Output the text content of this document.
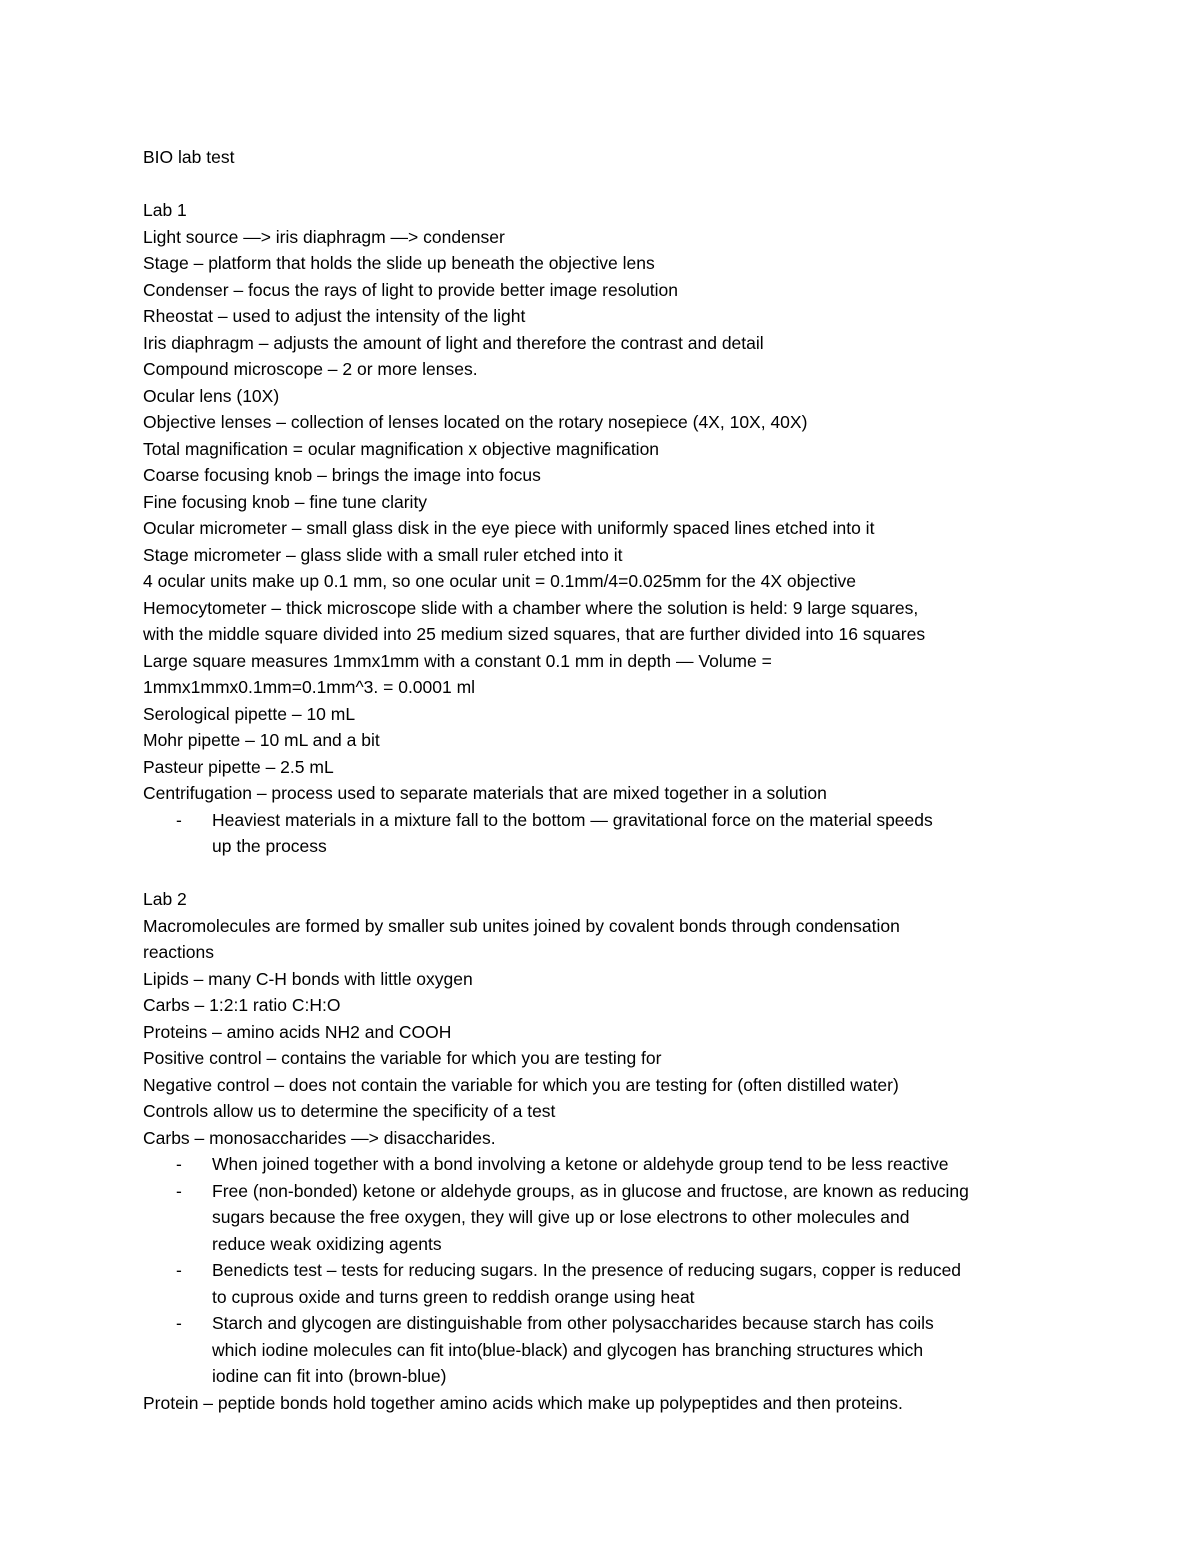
BIO lab test
Lab 1
Light source —> iris diaphragm —> condenser
Stage – platform that holds the slide up beneath the objective lens
Condenser – focus the rays of light to provide better image resolution
Rheostat – used to adjust the intensity of the light
Iris diaphragm – adjusts the amount of light and therefore the contrast and detail
Compound microscope – 2 or more lenses.
Ocular lens (10X)
Objective lenses – collection of lenses located on the rotary nosepiece (4X, 10X, 40X)
Total magnification = ocular magnification x objective magnification
Coarse focusing knob – brings the image into focus
Fine focusing knob – fine tune clarity
Ocular micrometer – small glass disk in the eye piece with uniformly spaced lines etched into it
Stage micrometer – glass slide with a small ruler etched into it
4 ocular units make up 0.1 mm, so one ocular unit = 0.1mm/4=0.025mm for the 4X objective
Hemocytometer – thick microscope slide with a chamber where the solution is held: 9 large squares,
with the middle square divided into 25 medium sized squares, that are further divided into 16 squares
Large square measures 1mmx1mm with a constant 0.1 mm in depth — Volume =
1mmx1mmx0.1mm=0.1mm^3. = 0.0001 ml
Serological pipette – 10 mL
Mohr pipette – 10 mL and a bit
Pasteur pipette – 2.5 mL
Centrifugation – process used to separate materials that are mixed together in a solution
- Heaviest materials in a mixture fall to the bottom — gravitational force on the material speeds
up the process
Lab 2
Macromolecules are formed by smaller sub unites joined by covalent bonds through condensation
reactions
Lipids – many C-H bonds with little oxygen
Carbs – 1:2:1 ratio C:H:O
Proteins – amino acids NH2 and COOH
Positive control – contains the variable for which you are testing for
Negative control – does not contain the variable for which you are testing for (often distilled water)
Controls allow us to determine the specificity of a test
Carbs – monosaccharides —> disaccharides.
- When joined together with a bond involving a ketone or aldehyde group tend to be less reactive
- Free (non-bonded) ketone or aldehyde groups, as in glucose and fructose, are known as reducing
sugars because the free oxygen, they will give up or lose electrons to other molecules and
reduce weak oxidizing agents
- Benedicts test – tests for reducing sugars. In the presence of reducing sugars, copper is reduced
to cuprous oxide and turns green to reddish orange using heat
- Starch and glycogen are distinguishable from other polysaccharides because starch has coils
which iodine molecules can fit into(blue-black) and glycogen has branching structures which
iodine can fit into (brown-blue)
Protein – peptide bonds hold together amino acids which make up polypeptides and then proteins.
